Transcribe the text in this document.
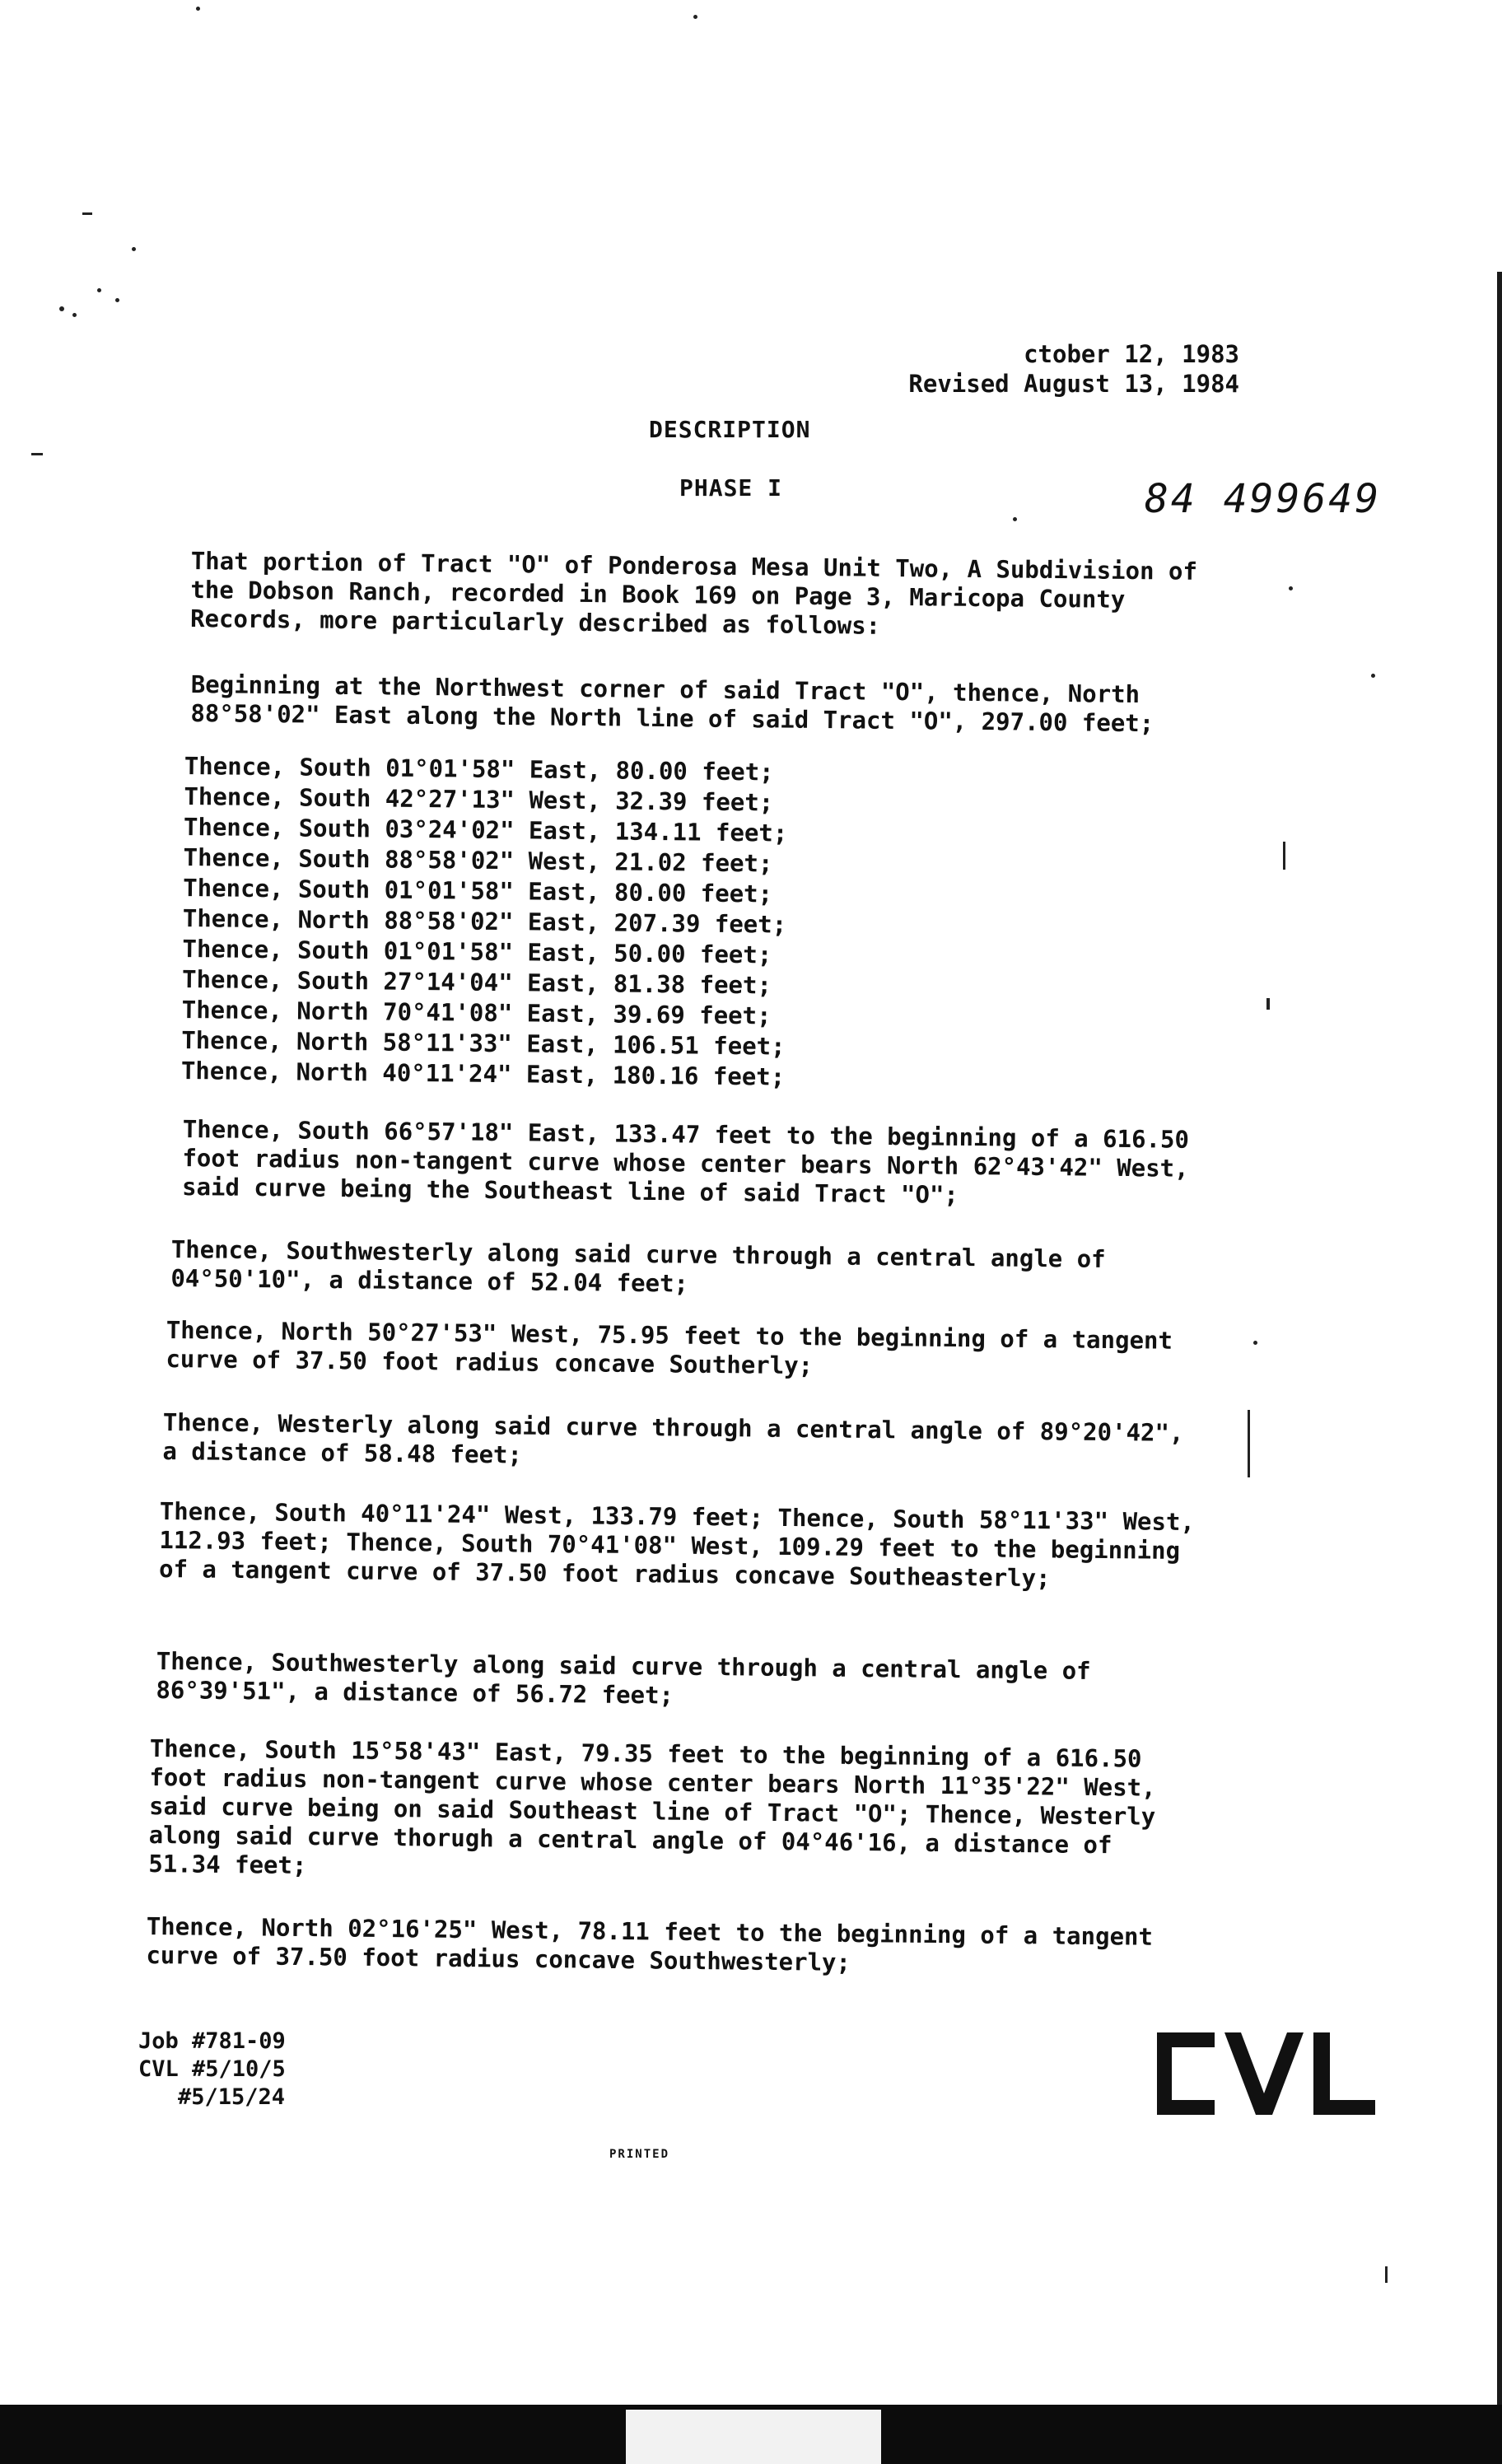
ctober 12, 1983
Revised August 13, 1984
DESCRIPTION
PHASE I	84 499649

That portion of Tract "O" of Ponderosa Mesa Unit Two, A Subdivision of the Dobson Ranch, recorded in Book 169 on Page 3, Maricopa County Records, more particularly described as follows:

Beginning at the Northwest corner of said Tract "O", thence, North 88°58'02" East along the North line of said Tract "O", 297.00 feet;

Thence, South 01°01'58" East, 80.00 feet;
Thence, South 42°27'13" West, 32.39 feet;
Thence, South 03°24'02" East, 134.11 feet;
Thence, South 88°58'02" West, 21.02 feet;
Thence, South 01°01'58" East, 80.00 feet;
Thence, North 88°58'02" East, 207.39 feet;
Thence, South 01°01'58" East, 50.00 feet;
Thence, South 27°14'04" East, 81.38 feet;
Thence, North 70°41'08" East, 39.69 feet;
Thence, North 58°11'33" East, 106.51 feet;
Thence, North 40°11'24" East, 180.16 feet;

Thence, South 66°57'18" East, 133.47 feet to the beginning of a 616.50 foot radius non-tangent curve whose center bears North 62°43'42" West, said curve being the Southeast line of said Tract "O";

Thence, Southwesterly along said curve through a central angle of 04°50'10", a distance of 52.04 feet;

Thence, North 50°27'53" West, 75.95 feet to the beginning of a tangent curve of 37.50 foot radius concave Southerly;

Thence, Westerly along said curve through a central angle of 89°20'42", a distance of 58.48 feet;

Thence, South 40°11'24" West, 133.79 feet; Thence, South 58°11'33" West, 112.93 feet; Thence, South 70°41'08" West, 109.29 feet to the beginning of a tangent curve of 37.50 foot radius concave Southeasterly;

Thence, Southwesterly along said curve through a central angle of 86°39'51", a distance of 56.72 feet;

Thence, South 15°58'43" East, 79.35 feet to the beginning of a 616.50 foot radius non-tangent curve whose center bears North 11°35'22" West, said curve being on said Southeast line of Tract "O"; Thence, Westerly along said curve thorugh a central angle of 04°46'16, a distance of 51.34 feet;

Thence, North 02°16'25" West, 78.11 feet to the beginning of a tangent curve of 37.50 foot radius concave Southwesterly;

Job #781-09
CVL #5/10/5
#5/15/24
PRINTED
